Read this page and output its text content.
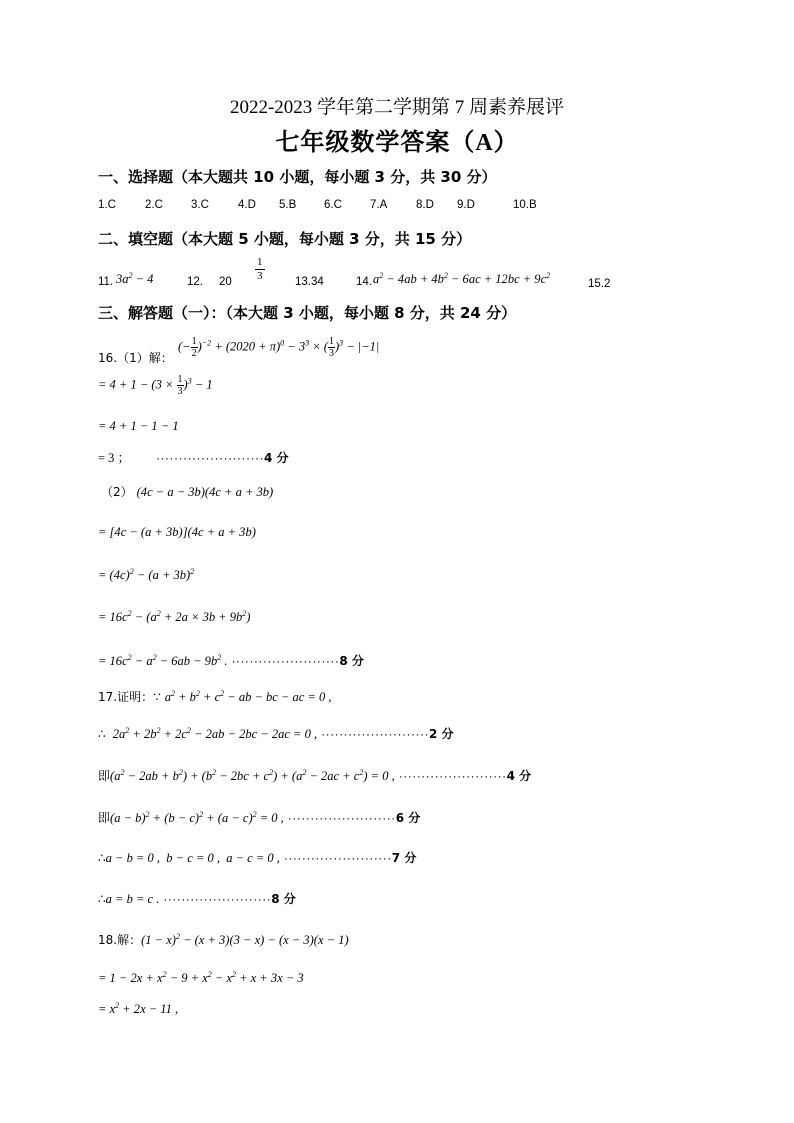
2022-2023 学年第二学期第 7 周素养展评
七年级数学答案（A）
一、选择题（本大题共 10 小题，每小题 3 分，共 30 分）
1.C	2.C 3.C	4.D 5.B 6.C 7.A 8.D 9.D	10.B
二、填空题（本大题 5 小题，每小题 3 分，共 15 分）
11. $3a^2 - 4$	12. $20 \frac{1}{3}$	13.34	14. $a^2 - 4ab + 4b^2 - 6ac + 12bc + 9c^2$
15.2
三、解答题（一）：（本大题 3 小题，每小题 8 分，共 24 分）
16.（1）解：
(− $\frac{1}{2} )^{-2} + (2020 + \pi)^0 - 3^3$ × ( $\frac{1}{3} )^3 - |-1|$
= $4 + 1 - (3 \times \frac{1}{3} )^3 - 1$
= 4 + 1 − 1 − 1
= 3 ； ························4 分
（2） (4c − a − 3b)(4c + a + 3b)
= [4c − (a + 3b)](4c + a + 3b)
= $(4c)^2 - (a + 3b)^2$
= $16c^2 - (a^2 + 2a \times 3b + 9b^2)$
= $16c^2 - a^2 - 6ab - 9b^2$ . ························8 分
17.证明：∵ $a^2 + b^2 + c^2$ − ab − bc − ac = 0 ,
∴  $2a^2 + 2b^2 + 2c^2 - 2ab - 2bc - 2ac = 0$ , ························2 分
即$(a^2 - 2ab + b^2) + (b^2 - 2bc + c^2) + (a^2 - 2ac + c^2) = 0$ , ························4 分
即$(a - b)^2 + (b - c)^2 + (a - c)^2 = 0$ , ························6 分
∴a − b = 0 ,  b − c = 0 ,  a − c = 0 , ························7 分
∴a = b = c . ························8 分
18.解：$(1 - x)^2 - (x + 3)(3 - x) - (x - 3)(x - 1)$
= $1 - 2x + x^2 - 9 + x^2 - x^2 + x + 3x - 3$
= $x^2 + 2x - 11$ ,
